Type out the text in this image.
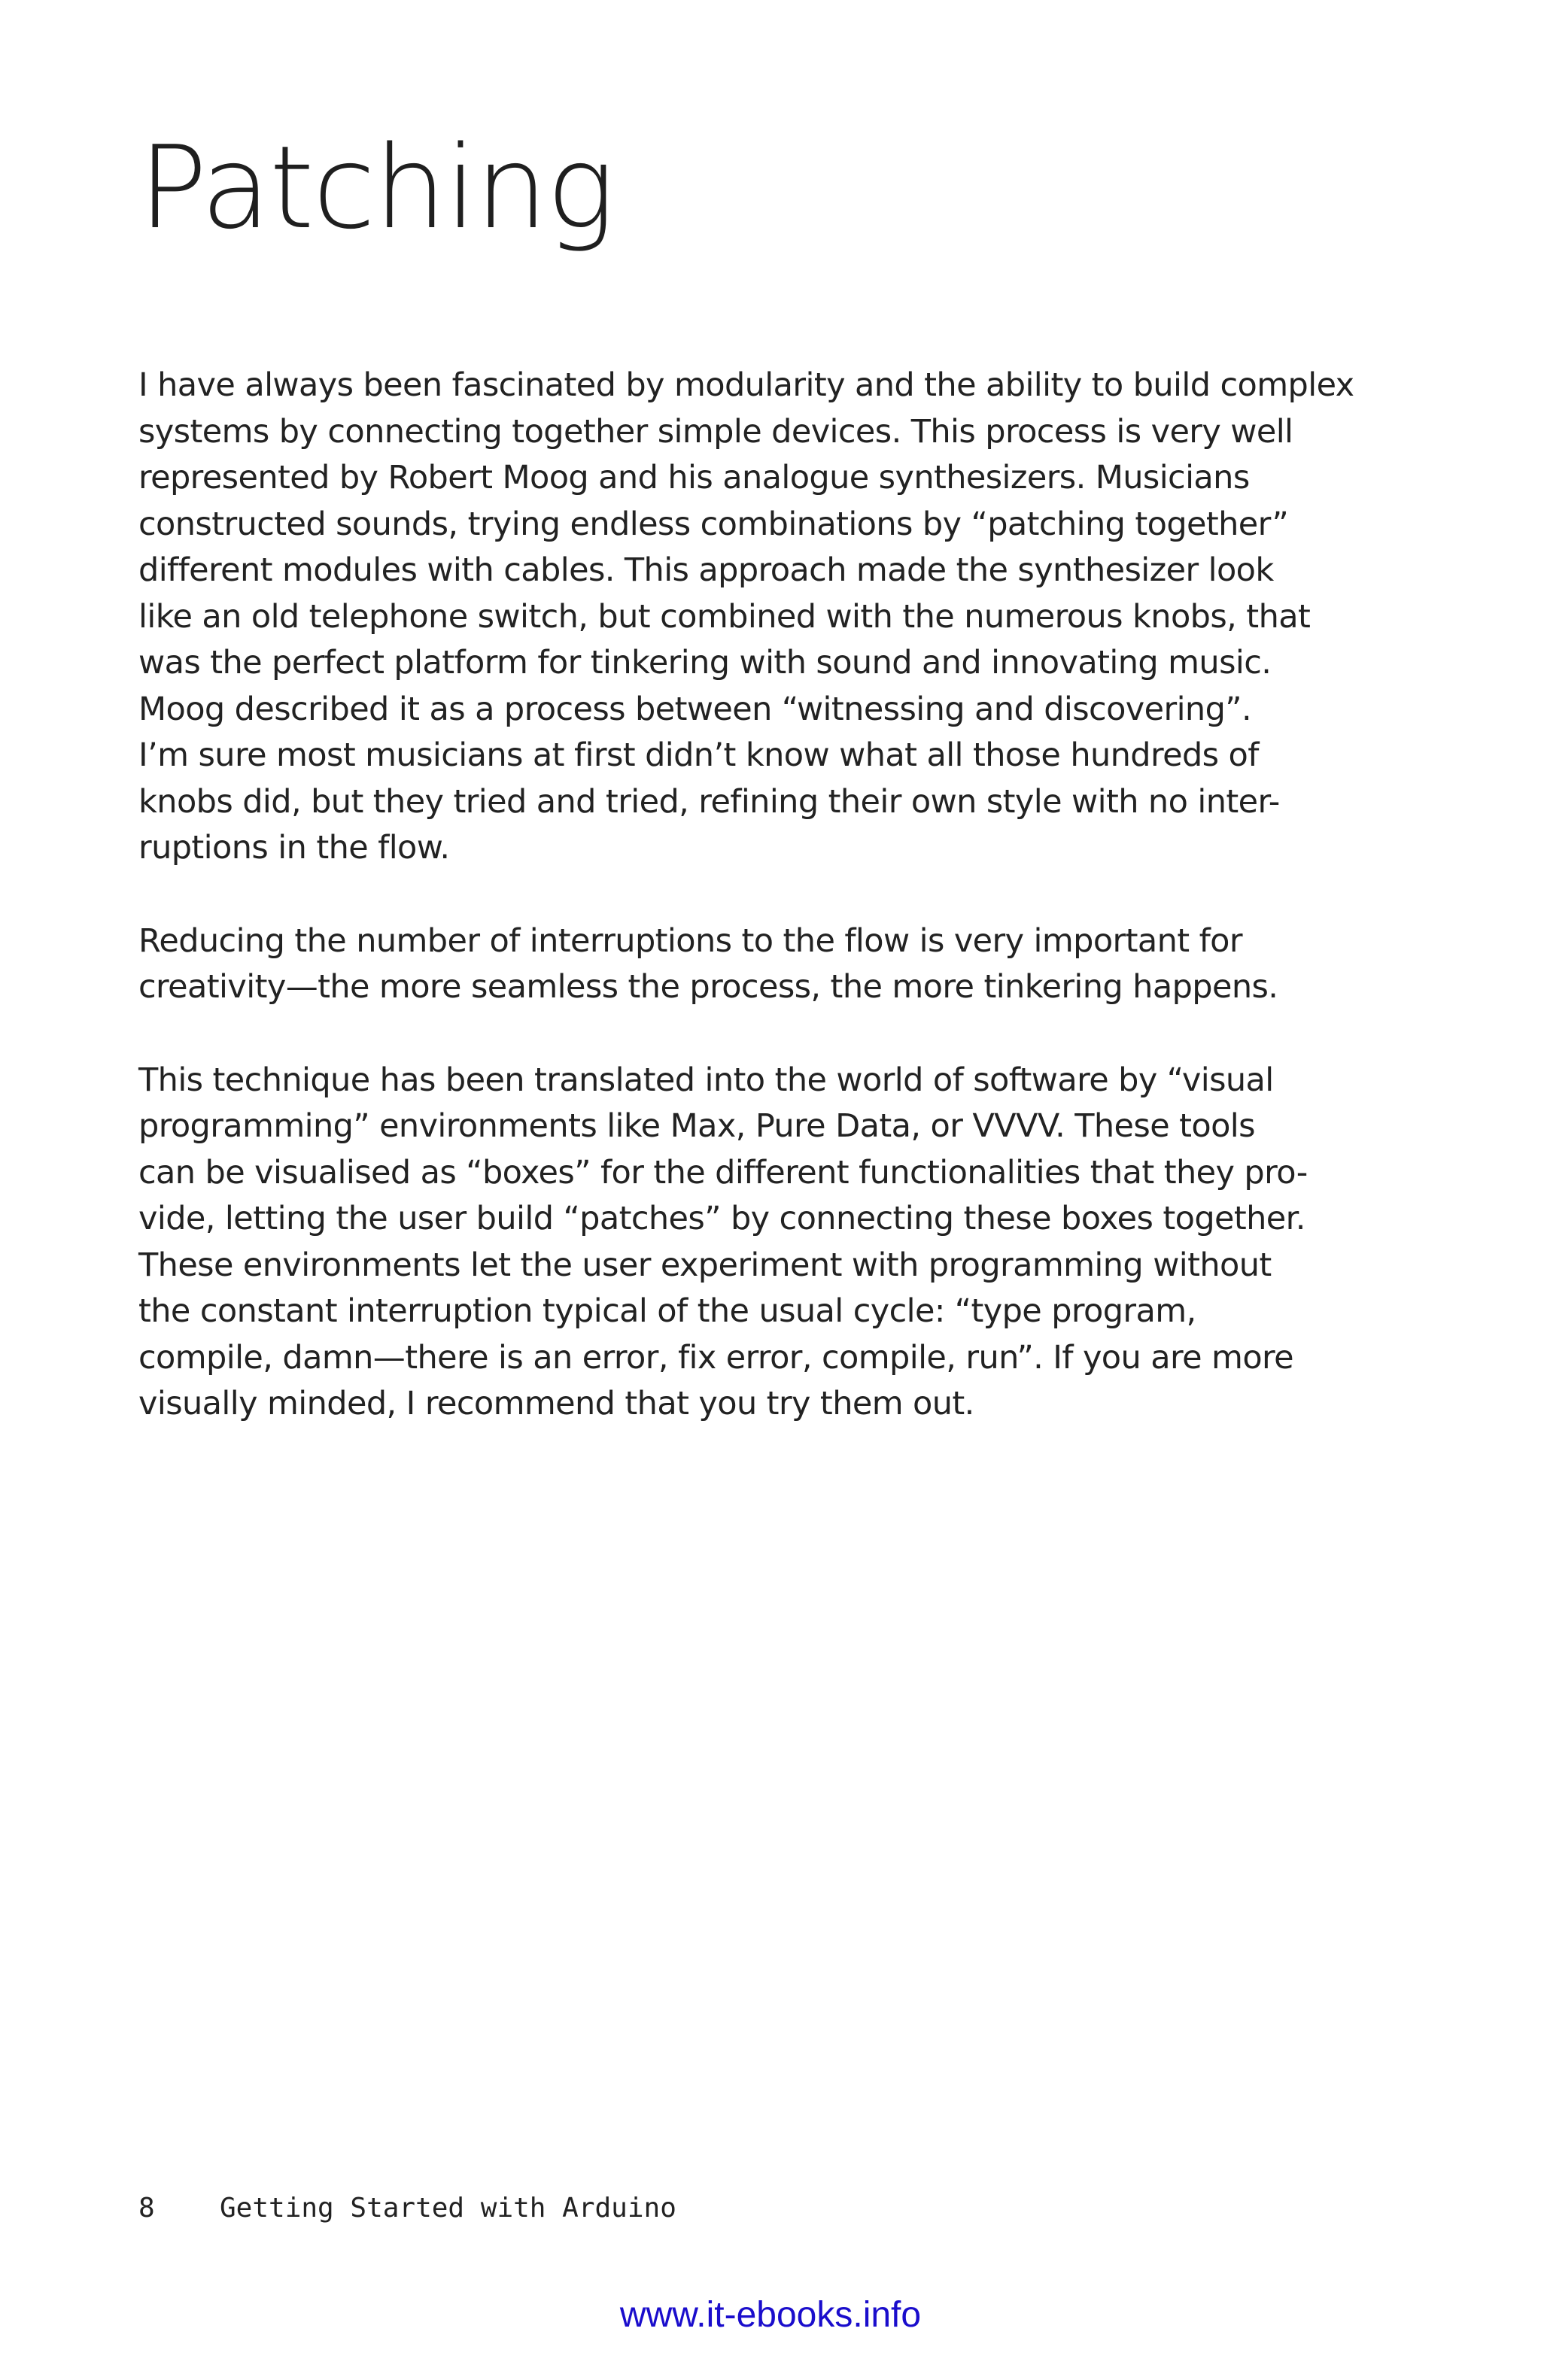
Patching

I have always been fascinated by modularity and the ability to build complex
systems by connecting together simple devices. This process is very well
represented by Robert Moog and his analogue synthesizers. Musicians
constructed sounds, trying endless combinations by “patching together”
different modules with cables. This approach made the synthesizer look
like an old telephone switch, but combined with the numerous knobs, that
was the perfect platform for tinkering with sound and innovating music.
Moog described it as a process between “witnessing and discovering”.
I’m sure most musicians at first didn’t know what all those hundreds of
knobs did, but they tried and tried, refining their own style with no inter-
ruptions in the flow.

Reducing the number of interruptions to the flow is very important for
creativity—the more seamless the process, the more tinkering happens.

This technique has been translated into the world of software by “visual
programming” environments like Max, Pure Data, or VVVV. These tools
can be visualised as “boxes” for the different functionalities that they pro-
vide, letting the user build “patches” by connecting these boxes together.
These environments let the user experiment with programming without
the constant interruption typical of the usual cycle: “type program,
compile, damn—there is an error, fix error, compile, run”. If you are more
visually minded, I recommend that you try them out.

8 Getting Started with Arduino
www.it-ebooks.info
